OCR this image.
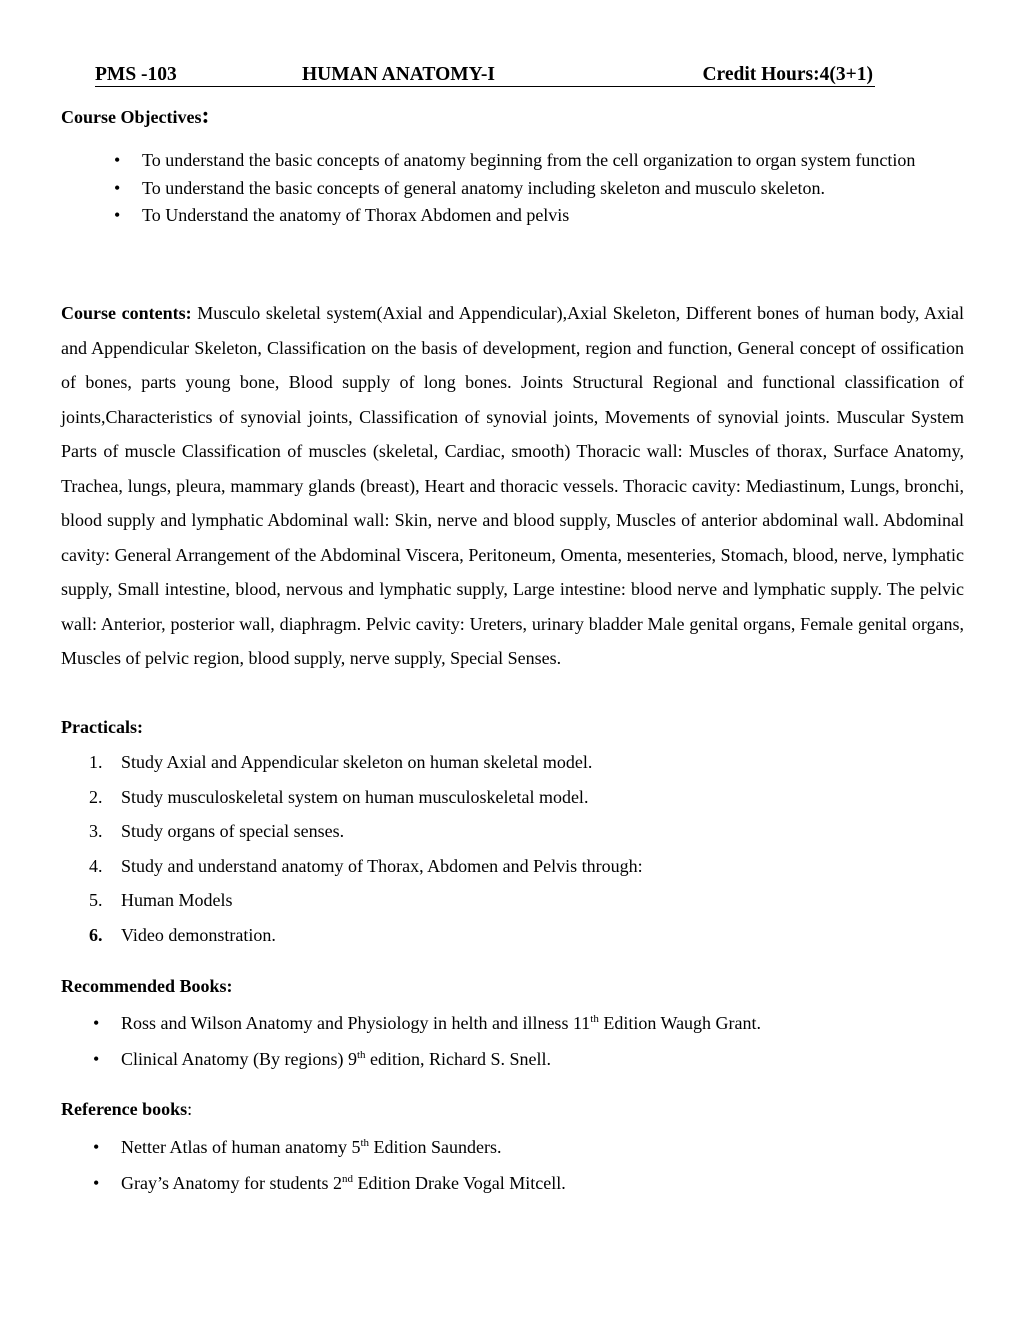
PMS -103	HUMAN ANATOMY-I	Credit Hours:4(3+1)
Course Objectives:
• To understand the basic concepts of anatomy beginning from the cell organization to organ system function
• To understand the basic concepts of general anatomy including skeleton and musculo skeleton.
• To Understand the anatomy of Thorax Abdomen and pelvis
Course contents: Musculo skeletal system(Axial and Appendicular),Axial Skeleton, Different bones of human body, Axial and Appendicular Skeleton, Classification on the basis of development, region and function, General concept of ossification of bones, parts young bone, Blood supply of long bones. Joints Structural Regional and functional classification of joints,Characteristics of synovial joints, Classification of synovial joints, Movements of synovial joints. Muscular System Parts of muscle Classification of muscles (skeletal, Cardiac, smooth) Thoracic wall: Muscles of thorax, Surface Anatomy, Trachea, lungs, pleura, mammary glands (breast), Heart and thoracic vessels. Thoracic cavity: Mediastinum, Lungs, bronchi, blood supply and lymphatic Abdominal wall: Skin, nerve and blood supply, Muscles of anterior abdominal wall. Abdominal cavity: General Arrangement of the Abdominal Viscera, Peritoneum, Omenta, mesenteries, Stomach, blood, nerve, lymphatic supply, Small intestine, blood, nervous and lymphatic supply, Large intestine: blood nerve and lymphatic supply. The pelvic wall: Anterior, posterior wall, diaphragm. Pelvic cavity: Ureters, urinary bladder Male genital organs, Female genital organs, Muscles of pelvic region, blood supply, nerve supply, Special Senses.
Practicals:
1.	Study Axial and Appendicular skeleton on human skeletal model.
2.	Study musculoskeletal system on human musculoskeletal model.
3.	Study organs of special senses.
4.	Study and understand anatomy of Thorax, Abdomen and Pelvis through:
5.	Human Models
6.	Video demonstration.
Recommended Books:
• Ross and Wilson Anatomy and Physiology in helth and illness 11th Edition Waugh Grant.
• Clinical Anatomy (By regions) 9th edition, Richard S. Snell.
Reference books:
• Netter Atlas of human anatomy 5th Edition Saunders.
• Gray’s Anatomy for students 2nd Edition Drake Vogal Mitcell.
